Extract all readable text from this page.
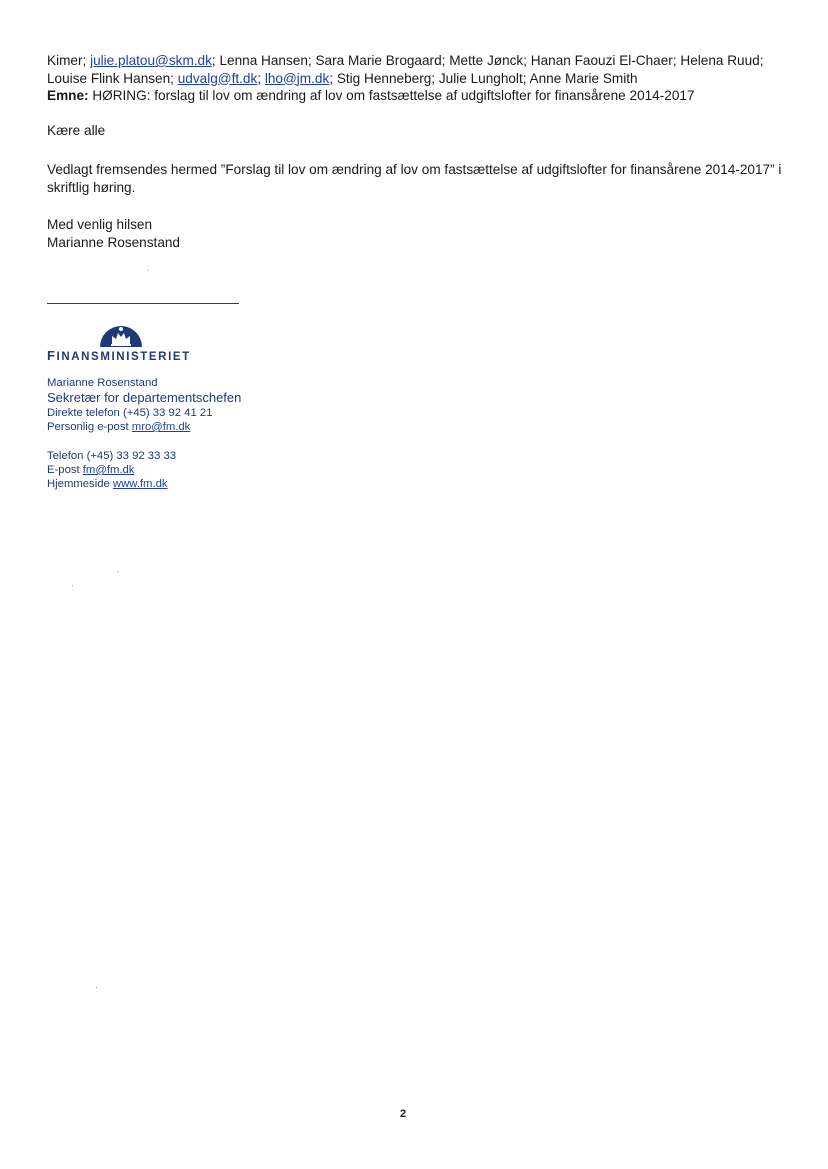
Kimer; julie.platou@skm.dk; Lenna Hansen; Sara Marie Brogaard; Mette Jønck; Hanan Faouzi El-Chaer; Helena Ruud;
Louise Flink Hansen; udvalg@ft.dk; lho@jm.dk; Stig Henneberg; Julie Lungholt; Anne Marie Smith
Emne: HØRING: forslag til lov om ændring af lov om fastsættelse af udgiftslofter for finansårene 2014-2017
Kære alle
Vedlagt fremsendes hermed ”Forslag til lov om ændring af lov om fastsættelse af udgiftslofter for finansårene 2014-2017” i skriftlig høring.
Med venlig hilsen
Marianne Rosenstand
FINANSMINISTERIET
Marianne Rosenstand
Sekretær for departementschefen
Direkte telefon (+45) 33 92 41 21
Personlig e-post mro@fm.dk
Telefon (+45) 33 92 33 33
E-post fm@fm.dk
Hjemmeside www.fm.dk
2
